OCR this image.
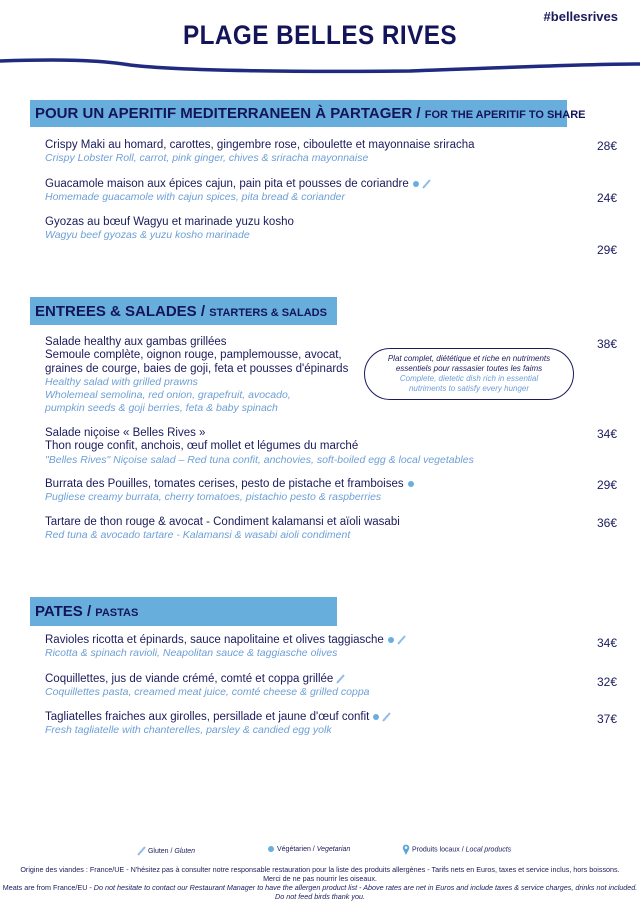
#bellesrives
PLAGE BELLES RIVES
POUR UN APERITIF MEDITERRANEEN À PARTAGER / FOR THE APERITIF TO SHARE
Crispy Maki au homard, carottes, gingembre rose, ciboulette et mayonnaise sriracha
Crispy Lobster Roll, carrot, pink ginger, chives & sriracha mayonnaise
28€
Guacamole maison aux épices cajun, pain pita et pousses de coriandre
Homemade guacamole with cajun spices, pita bread & coriander	24€
Gyozas au bœuf Wagyu et marinade yuzu kosho
Wagyu beef gyozas & yuzu kosho marinade
29€
ENTREES & SALADES / STARTERS & SALADS
Salade healthy aux gambas grillées
Semoule complète, oignon rouge, pamplemousse, avocat,
graines de courge, baies de goji, feta et pousses d'épinards
Healthy salad with grilled prawns
Wholemeal semolina, red onion, grapefruit, avocado,
pumpkin seeds & goji berries, feta & baby spinach
38€
Plat complet, diététique et riche en nutriments
essentiels pour rassasier toutes les faims
Complete, dietetic dish rich in essential
nutriments to satisfy every hunger
Salade niçoise « Belles Rives »
Thon rouge confit, anchois, œuf mollet et légumes du marché
"Belles Rives" Niçoise salad – Red tuna confit, anchovies, soft-boiled egg & local vegetables
34€
Burrata des Pouilles, tomates cerises, pesto de pistache et framboises
Pugliese creamy burrata, cherry tomatoes, pistachio pesto & raspberries
29€
Tartare de thon rouge & avocat - Condiment kalamansi et aïoli wasabi
Red tuna & avocado tartare - Kalamansi & wasabi aioli condiment
36€
PATES / PASTAS
Ravioles ricotta et épinards, sauce napolitaine et olives taggiasche
Ricotta & spinach ravioli, Neapolitan sauce & taggiasche olives
34€
Coquillettes, jus de viande crémé, comté et coppa grillée
Coquillettes pasta, creamed meat juice, comté cheese & grilled coppa
32€
Tagliatelles fraiches aux girolles, persillade et jaune d'œuf confit
Fresh tagliatelle with chanterelles, parsley & candied egg yolk
37€
Gluten / Gluten	Végétarien / Vegetarian	Produits locaux / Local products
Origine des viandes : France/UE - N'hésitez pas à consulter notre responsable restauration pour la liste des produits allergènes - Tarifs nets en Euros, taxes et service inclus, hors boissons.
Merci de ne pas nourrir les oiseaux.
Meats are from France/EU - Do not hesitate to contact our Restaurant Manager to have the allergen product list - Above rates are net in Euros and include taxes & service charges, drinks not included.
Do not feed birds thank you.
